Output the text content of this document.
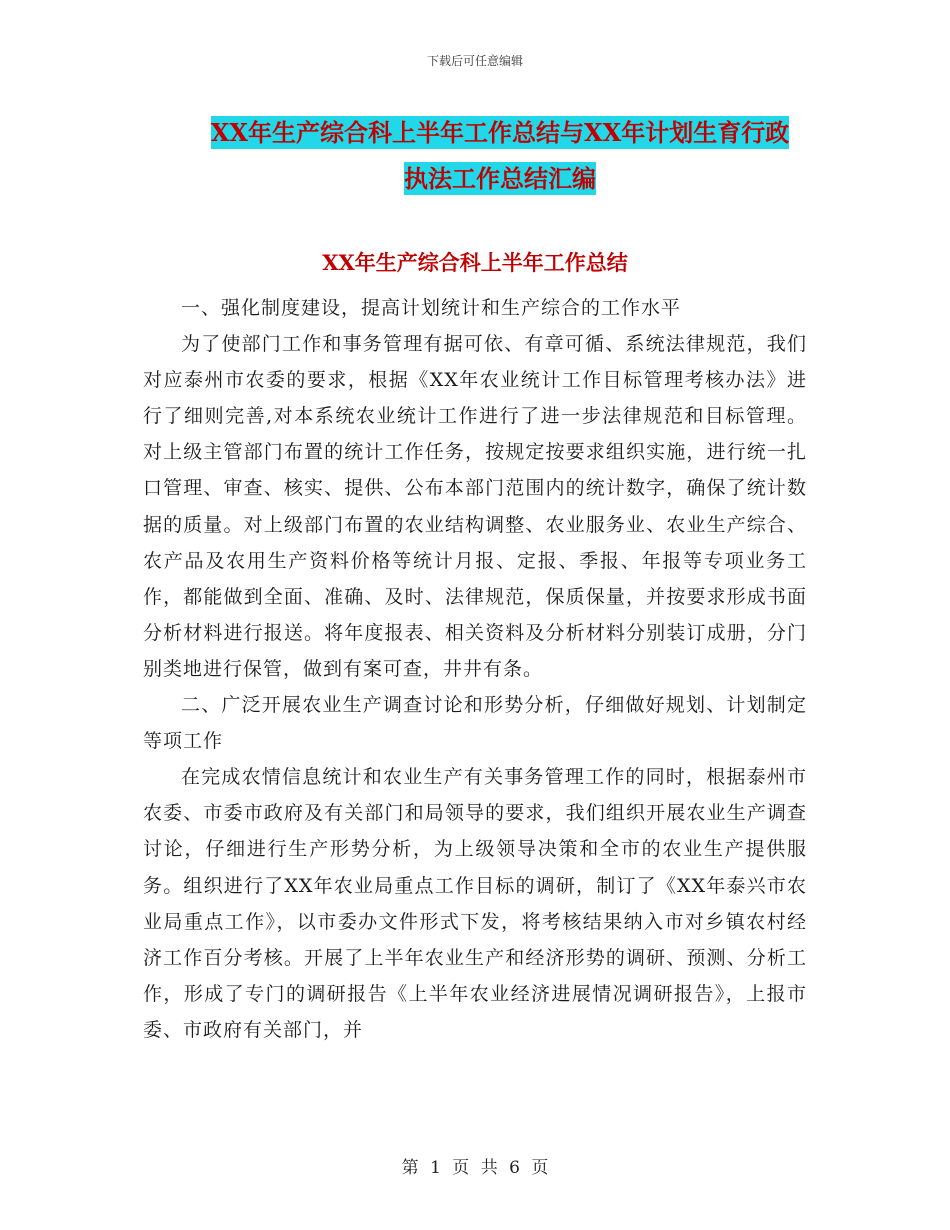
下载后可任意编辑
XX年生产综合科上半年工作总结与XX年计划生育行政
执法工作总结汇编
XX年生产综合科上半年工作总结

一、强化制度建设，提高计划统计和生产综合的工作水平

为了使部门工作和事务管理有据可依、有章可循、系统法律规范，我们对应泰州市农委的要求，根据《XX年农业统计工作目标管理考核办法》进行了细则完善,对本系统农业统计工作进行了进一步法律规范和目标管理。对上级主管部门布置的统计工作任务，按规定按要求组织实施，进行统一扎口管理、审查、核实、提供、公布本部门范围内的统计数字，确保了统计数据的质量。对上级部门布置的农业结构调整、农业服务业、农业生产综合、农产品及农用生产资料价格等统计月报、定报、季报、年报等专项业务工作，都能做到全面、准确、及时、法律规范，保质保量，并按要求形成书面分析材料进行报送。将年度报表、相关资料及分析材料分别装订成册，分门别类地进行保管，做到有案可查，井井有条。

二、广泛开展农业生产调查讨论和形势分析，仔细做好规划、计划制定等项工作

在完成农情信息统计和农业生产有关事务管理工作的同时，根据泰州市农委、市委市政府及有关部门和局领导的要求，我们组织开展农业生产调查讨论，仔细进行生产形势分析，为上级领导决策和全市的农业生产提供服务。组织进行了XX年农业局重点工作目标的调研，制订了《XX年泰兴市农业局重点工作》，以市委办文件形式下发，将考核结果纳入市对乡镇农村经济工作百分考核。开展了上半年农业生产和经济形势的调研、预测、分析工作，形成了专门的调研报告《上半年农业经济进展情况调研报告》，上报市委、市政府有关部门，并

第 1 页 共 6 页
